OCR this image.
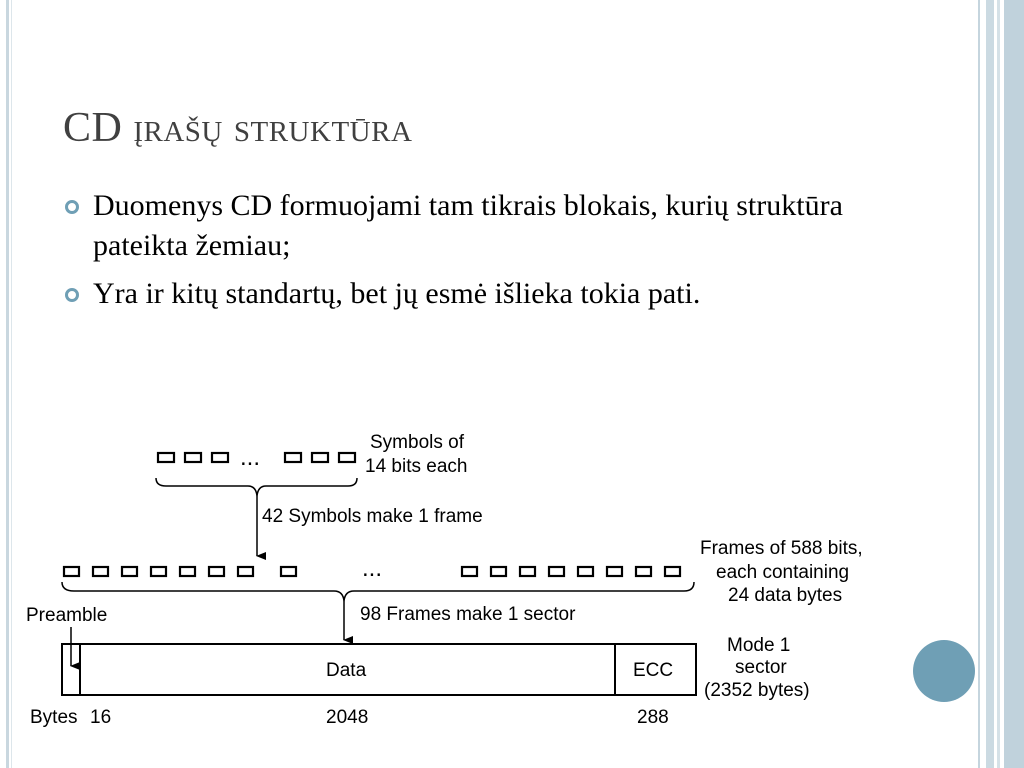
CD įrašų struktūra
Duomenys CD formuojami tam tikrais blokais, kurių struktūra pateikta žemiau;
Yra ir kitų standartų, bet jų esmė išlieka tokia pati.
...
Symbols of
14 bits each
42 Symbols make 1 frame
...
Frames of 588 bits,
each containing
24 data bytes
98 Frames make 1 sector
Preamble
Data	ECC
Mode 1
sector
(2352 bytes)
Bytes 16	2048	288
